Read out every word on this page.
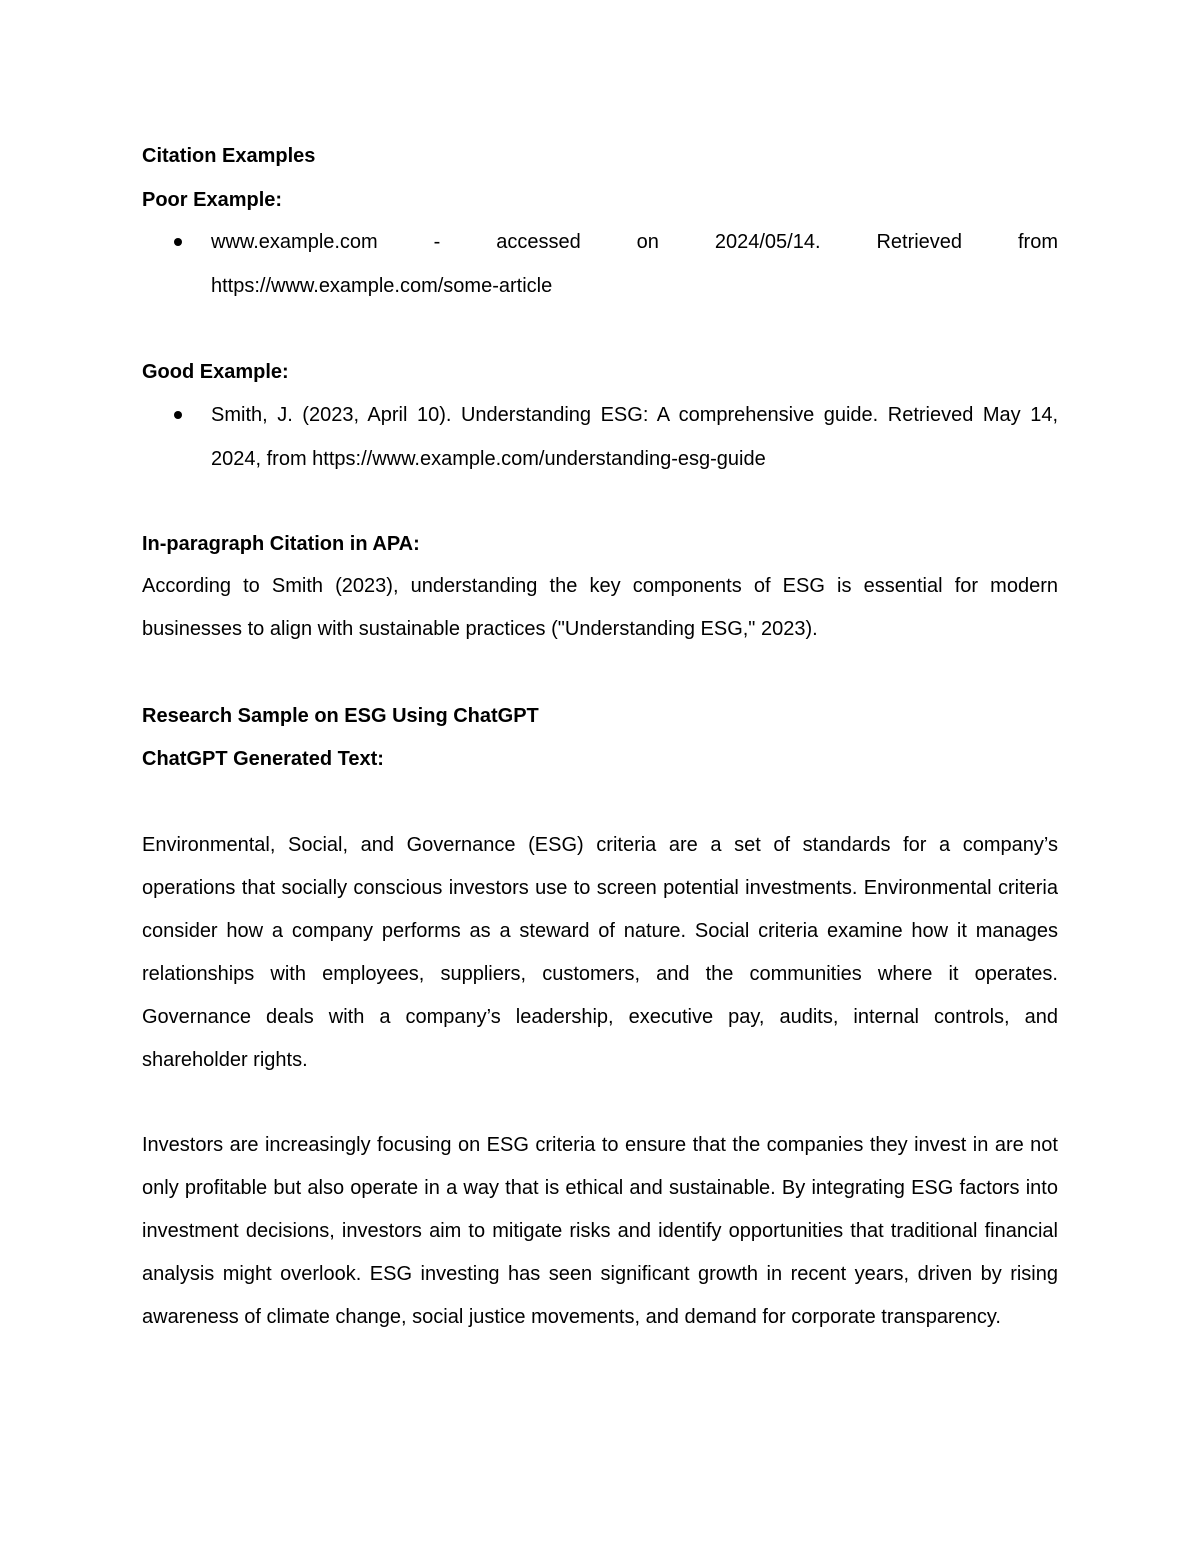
Citation Examples
Poor Example:
www.example.com - accessed on 2024/05/14. Retrieved from
https://www.example.com/some-article
Good Example:
Smith, J. (2023, April 10). Understanding ESG: A comprehensive guide. Retrieved May 14, 2024, from https://www.example.com/understanding-esg-guide
In-paragraph Citation in APA:
According to Smith (2023), understanding the key components of ESG is essential for modern businesses to align with sustainable practices ("Understanding ESG," 2023).
Research Sample on ESG Using ChatGPT
ChatGPT Generated Text:
Environmental, Social, and Governance (ESG) criteria are a set of standards for a company’s operations that socially conscious investors use to screen potential investments. Environmental criteria consider how a company performs as a steward of nature. Social criteria examine how it manages relationships with employees, suppliers, customers, and the communities where it operates. Governance deals with a company’s leadership, executive pay, audits, internal controls, and shareholder rights.
Investors are increasingly focusing on ESG criteria to ensure that the companies they invest in are not only profitable but also operate in a way that is ethical and sustainable. By integrating ESG factors into investment decisions, investors aim to mitigate risks and identify opportunities that traditional financial analysis might overlook. ESG investing has seen significant growth in recent years, driven by rising awareness of climate change, social justice movements, and demand for corporate transparency.
